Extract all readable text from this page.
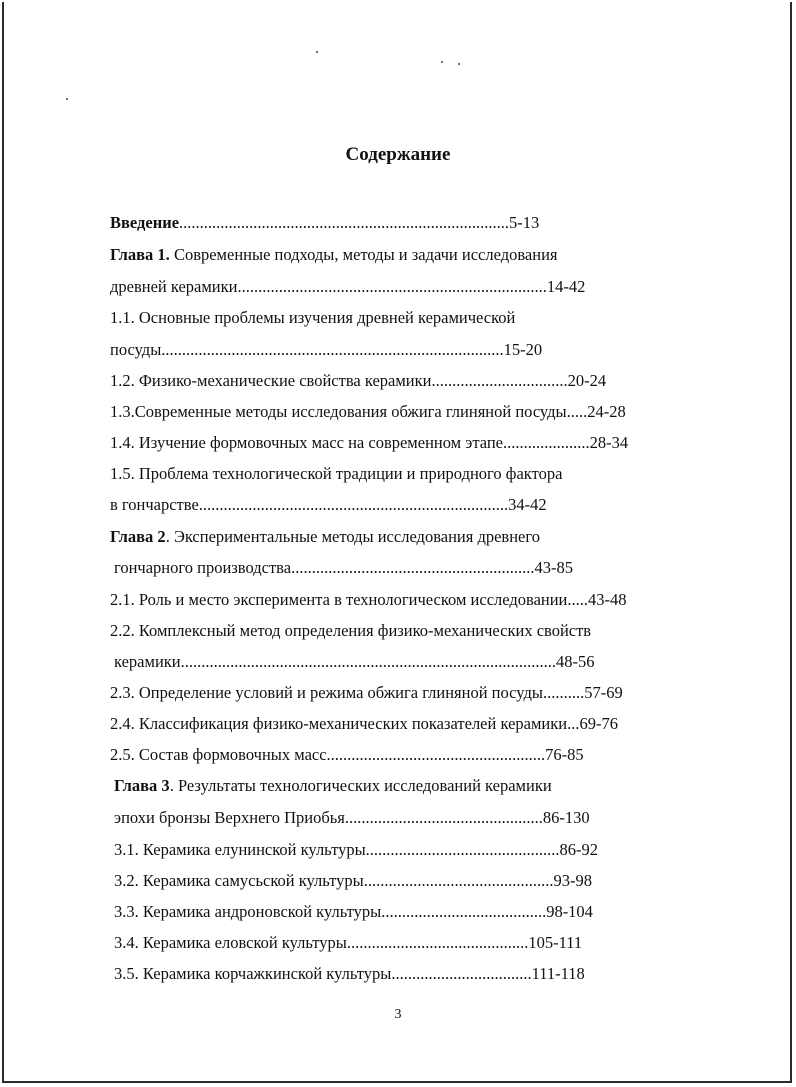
Содержание
Введение................................................................................5-13
Глава 1. Современные подходы, методы и задачи исследования
древней керамики...........................................................................14-42
1.1. Основные проблемы изучения древней керамической
посуды...................................................................................15-20
1.2. Физико-механические свойства керамики.................................20-24
1.3.Современные методы исследования обжига глиняной посуды.....24-28
1.4. Изучение формовочных масс на современном этапе.....................28-34
1.5. Проблема технологической традиции и природного фактора
в гончарстве...........................................................................34-42
Глава 2. Экспериментальные методы исследования древнего
гончарного производства...........................................................43-85
2.1. Роль и место эксперимента в технологическом исследовании.....43-48
2.2. Комплексный метод определения физико-механических свойств
керамики...........................................................................................48-56
2.3. Определение условий и режима обжига глиняной посуды..........57-69
2.4. Классификация физико-механических показателей керамики...69-76
2.5. Состав формовочных масс.....................................................76-85
Глава 3. Результаты технологических исследований керамики
эпохи бронзы Верхнего Приобья................................................86-130
3.1. Керамика елунинской культуры...............................................86-92
3.2. Керамика самусьской культуры..............................................93-98
3.3. Керамика андроновской культуры........................................98-104
3.4. Керамика еловской культуры............................................105-111
3.5. Керамика корчажкинской культуры..................................111-118
3
